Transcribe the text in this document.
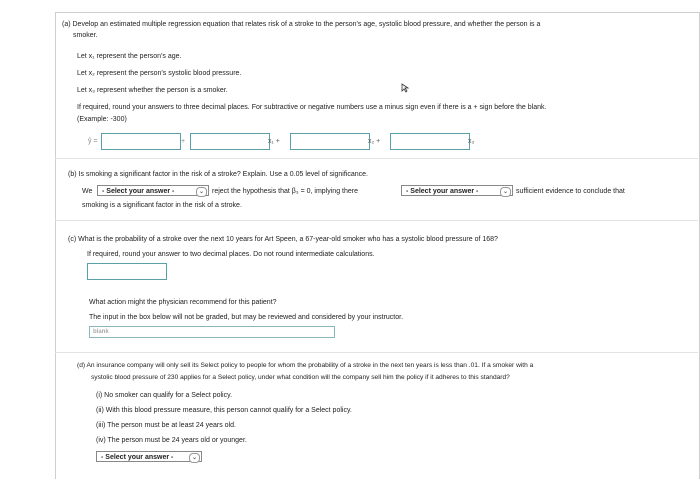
(a) Develop an estimated multiple regression equation that relates risk of a stroke to the person's age, systolic blood pressure, and whether the person is a
smoker.
Let x₁ represent the person's age.
Let x₂ represent the person's systolic blood pressure.
Let x₃ represent whether the person is a smoker.
If required, round your answers to three decimal places. For subtractive or negative numbers use a minus sign even if there is a + sign before the blank.
(Example: -300)
ŷ =	+	x₁ +	x₂ +	x₃
(b) Is smoking a significant factor in the risk of a stroke? Explain. Use a 0.05 level of significance.
We	- Select your answer -	⌄	reject the hypothesis that β₃ = 0, implying there	- Select your answer -	⌄	sufficient evidence to conclude that
smoking is a significant factor in the risk of a stroke.
(c) What is the probability of a stroke over the next 10 years for Art Speen, a 67-year-old smoker who has a systolic blood pressure of 168?
If required, round your answer to two decimal places. Do not round intermediate calculations.
What action might the physician recommend for this patient?
The input in the box below will not be graded, but may be reviewed and considered by your instructor.
blank
(d) An insurance company will only sell its Select policy to people for whom the probability of a stroke in the next ten years is less than .01. If a smoker with a
systolic blood pressure of 230 applies for a Select policy, under what condition will the company sell him the policy if it adheres to this standard?
(i) No smoker can qualify for a Select policy.
(ii) With this blood pressure measure, this person cannot qualify for a Select policy.
(iii) The person must be at least 24 years old.
(iv) The person must be 24 years old or younger.
- Select your answer -	⌄
